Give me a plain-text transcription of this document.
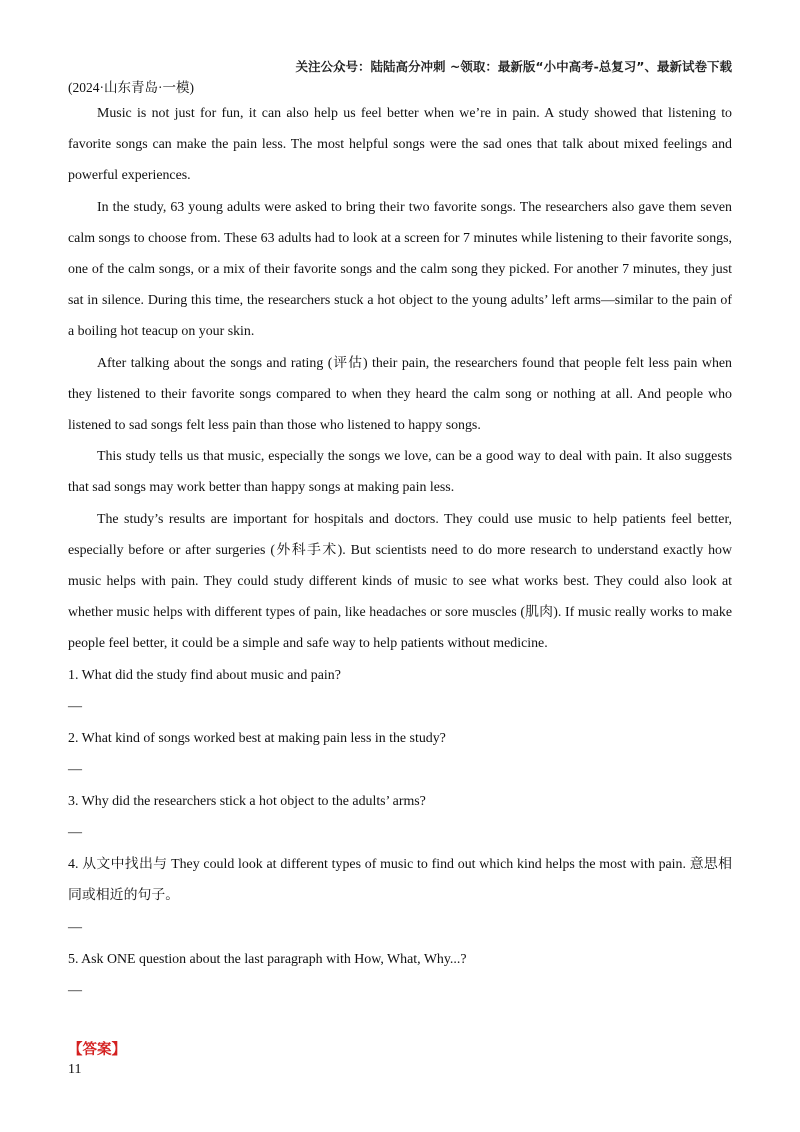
关注公众号：陆陆高分冲刺 ~领取：最新版“小中高考-总复习”、最新试卷下载
(2024·山东青岛·一模)

Music is not just for fun, it can also help us feel better when we’re in pain. A study showed that listening to favorite songs can make the pain less. The most helpful songs were the sad ones that talk about mixed feelings and powerful experiences.

In the study, 63 young adults were asked to bring their two favorite songs. The researchers also gave them seven calm songs to choose from. These 63 adults had to look at a screen for 7 minutes while listening to their favorite songs, one of the calm songs, or a mix of their favorite songs and the calm song they picked. For another 7 minutes, they just sat in silence. During this time, the researchers stuck a hot object to the young adults’ left arms—similar to the pain of a boiling hot teacup on your skin.

After talking about the songs and rating (评估) their pain, the researchers found that people felt less pain when they listened to their favorite songs compared to when they heard the calm song or nothing at all. And people who listened to sad songs felt less pain than those who listened to happy songs.

This study tells us that music, especially the songs we love, can be a good way to deal with pain. It also suggests that sad songs may work better than happy songs at making pain less.

The study’s results are important for hospitals and doctors. They could use music to help patients feel better, especially before or after surgeries (外科手术). But scientists need to do more research to understand exactly how music helps with pain. They could study different kinds of music to see what works best. They could also look at whether music helps with different types of pain, like headaches or sore muscles (肌肉). If music really works to make people feel better, it could be a simple and safe way to help patients without medicine.

1. What did the study find about music and pain?

—

2. What kind of songs worked best at making pain less in the study?

—

3. Why did the researchers stick a hot object to the adults’ arms?

—

4. 从文中找出与 They could look at different types of music to find out which kind helps the most with pain. 意思相同或相近的句子。

—

5. Ask ONE question about the last paragraph with How, What, Why...?

—

【答案】
11
